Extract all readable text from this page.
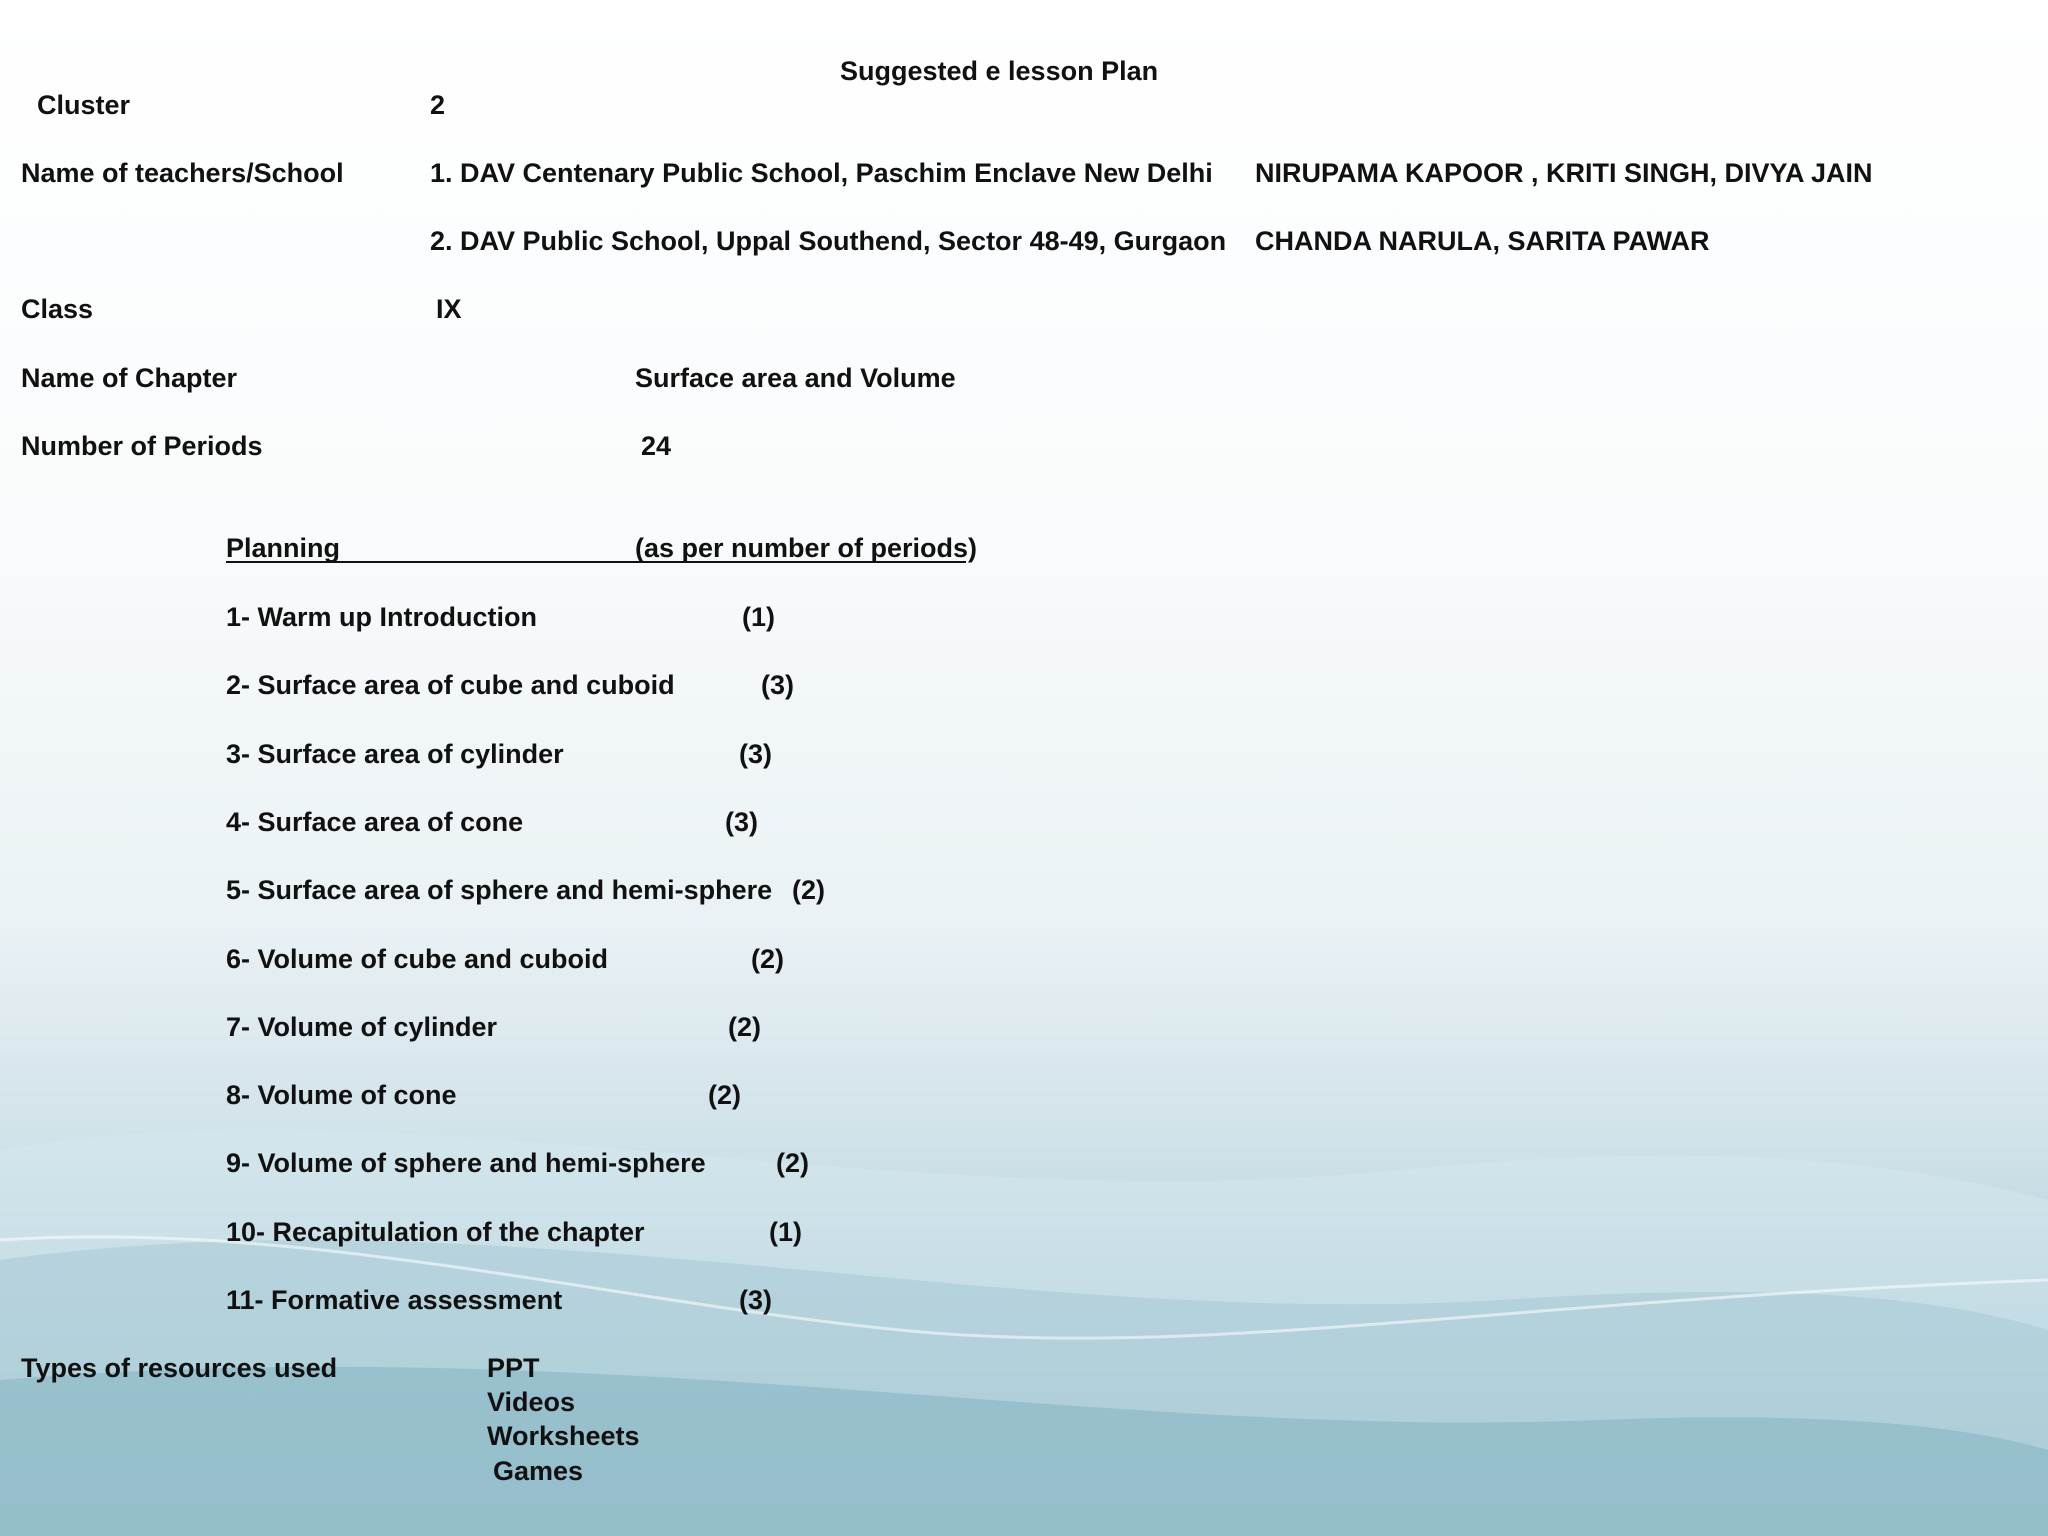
Suggested e lesson Plan
Cluster	2
Name of teachers/School	1. DAV Centenary Public School, Paschim Enclave New Delhi NIRUPAMA KAPOOR , KRITI SINGH, DIVYA JAIN
2. DAV Public School, Uppal Southend, Sector 48-49, Gurgaon CHANDA NARULA, SARITA PAWAR
Class	IX
Name of Chapter	Surface area and Volume
Number of Periods	24
Planning	(as per number of periods)
1- Warm up Introduction	(1)
2- Surface area of cube and cuboid	(3)
3- Surface area of cylinder	(3)
4- Surface area of cone	(3)
5- Surface area of sphere and hemi-sphere (2)
6- Volume of cube and cuboid	(2)
7- Volume of cylinder	(2)
8- Volume of cone	(2)
9- Volume of sphere and hemi-sphere	(2)
10- Recapitulation of the chapter	(1)
11- Formative assessment	(3)
Types of resources used	PPT
Videos
Worksheets
Games
